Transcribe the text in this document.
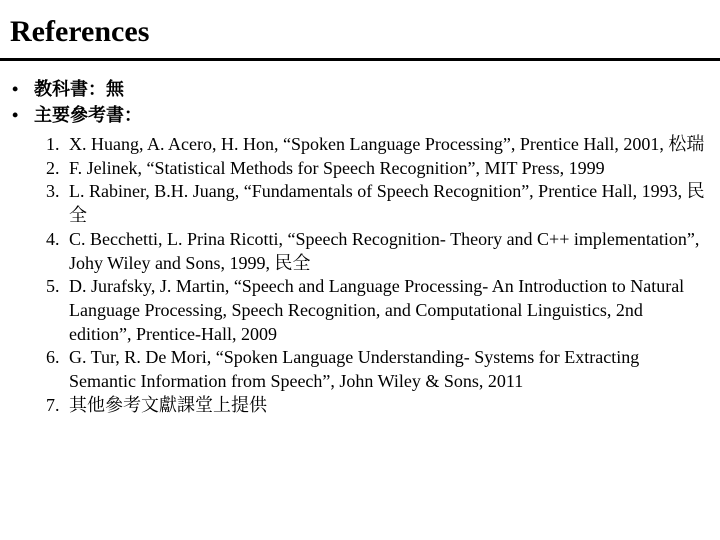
References
• 教科書：無
• 主要參考書：
1. X. Huang, A. Acero, H. Hon, “Spoken Language Processing”, Prentice Hall, 2001, 松瑞
2. F. Jelinek, “Statistical Methods for Speech Recognition”, MIT Press, 1999
3. L. Rabiner, B.H. Juang, “Fundamentals of Speech Recognition”, Prentice Hall, 1993, 民全
4. C. Becchetti, L. Prina Ricotti, “Speech Recognition- Theory and C++ implementation”, Johy Wiley and Sons, 1999, 民全
5. D. Jurafsky, J. Martin, “Speech and Language Processing- An Introduction to Natural Language Processing, Speech Recognition, and Computational Linguistics, 2nd edition”, Prentice-Hall, 2009
6. G. Tur, R. De Mori, “Spoken Language Understanding- Systems for Extracting Semantic Information from Speech”, John Wiley & Sons, 2011
7. 其他參考文獻課堂上提供
